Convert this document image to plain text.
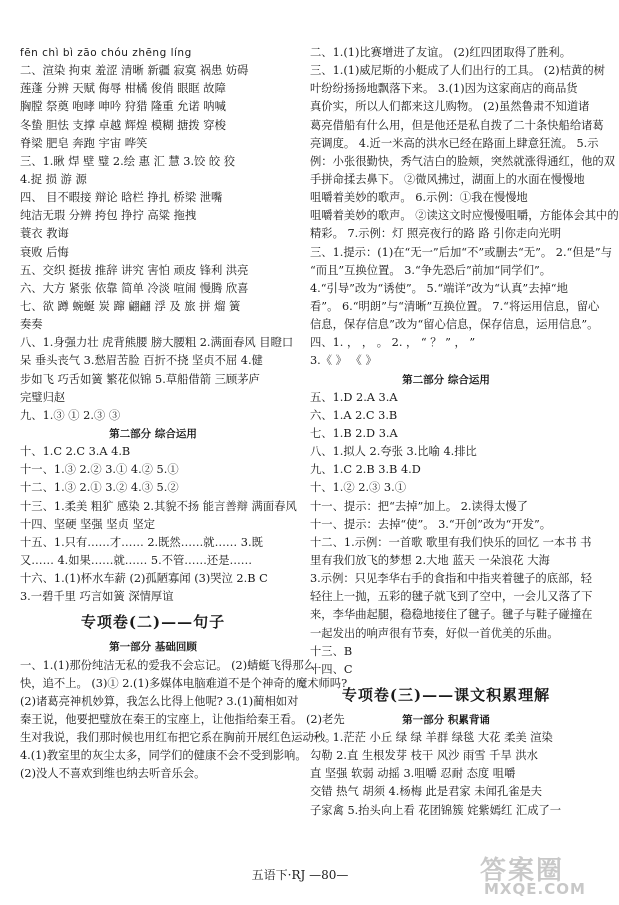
fēn chì bì zāo chóu zhēng líng
二、渲染 拘束 羞涩 清晰 新疆 寂寞 祸患 妨碍
莲蓬 分辨 天赋 侮辱 柑橘 俊俏 眼眶 故障
胸膛 祭奠 咆哮 呻吟 狩猎 隆重 允诺 呐喊
冬蛰 胆怯 支撑 卓越 辉煌 模糊 搪拨 穿梭
脊梁 肥皂 奔跑 宇宙 哗笑
三、1.瞅 焊 壁 璧 2.绘 惠 汇 慧 3.饺 皎 狡
4.捉 损 游 源
四、 目不暇接 辩论 晗栏 挣扎 桥梁 泄嘴
纯洁无瑕 分辨 挎包 挣拧 高粱 拖拽
蓑衣 教诲
衰败 后悔
五、交织 挺拔 推辞 讲究 害怕 顽皮 锋利 洪亮
六、大方 紧张 依靠 简单 冷淡 喧闹 慢腾 欣喜
七、欲 蹲 蜿蜒 炭 蹿 翩翩 浮 及 旅 拼 熘 簧
奏奏
八、1.身强力壮 虎背熊腰 膀大腰粗 2.满面春风 目瞪口
呆 垂头丧气 3.愁眉苦脸 百折不挠 坚贞不屈 4.健
步如飞 巧舌如簧 繁花似锦 5.草船借箭 三顾茅庐
完璧归赵
九、1.③ ① 2.③ ③
第二部分 综合运用
十、1.C 2.C 3.A 4.B
十一、1.③ 2.② 3.① 4.② 5.①
十二、1.③ 2.① 3.② 4.③ 5.②
十三、1.柔美 粗犷 感染 2.其貌不扬 能言善辩 满面春风
十四、坚硬 坚强 坚贞 坚定
十五、1.只有……才…… 2.既然……就…… 3.既
又…… 4.如果……就…… 5.不管……还是……
十六、1.(1)杯水车薪 (2)孤陋寡闻 (3)哭泣 2.B C
3.一碧千里 巧言如簧 深情厚谊
专项卷(二)——句子
第一部分 基础回顾
一、1.(1)那份纯洁无私的爱我不会忘记。 (2)蜻蜓飞得那么
快，追不上。 (3)① 2.(1)多媒体电脑难道不是个神奇的魔术师吗?
(2)诸葛亮神机妙算，我怎么比得上他呢? 3.(1)蔺相如对
秦王说，他要把璧放在秦王的宝座上，让他指给秦王看。 (2)老先
生对我说，我们那时候也用红布把它系在胸前开展红色运动秒。
4.(1)教室里的灰尘太多，同学们的健康不会不受到影响。
(2)没人不喜欢到维也纳去听音乐会。
二、1.(1)比赛增进了友谊。 (2)红四团取得了胜利。
三、1.(1)威尼斯的小艇成了人们出行的工具。 (2)桔黄的树
叶纷纷扬扬地飘落下来。 3.(1)因为这家商店的商品货
真价实，所以人们都来这儿购物。 (2)虽然鲁肃不知道诸
葛亮借船有什么用，但是他还是私自拨了二十条快船给诸葛
亮调度。 4.近一米高的洪水已经在路面上肆意狂流。 5.示
例：小张很勤快，秀气洁白的脸颊，突然就涨得通红，他的双
手拼命揉去鼻下。 ②微风拂过，湖面上的水面在慢慢地
咀嚼着美妙的歌声。 6.示例：①我在慢慢地
咀嚼着美妙的歌声。 ②读这文时应慢慢咀嚼，方能体会其中的
精彩。 7.示例：灯 照亮夜行的路 路 引你走向光明
三、1.提示：(1)在“无一”后加“不”或删去“无”。 2.“但是”与
“而且”互换位置。 3.“争先恐后”前加“同学们”。
4.“引导”改为“诱使”。 5.“端详”改为“认真”去掉“地
看”。 6.“明朗”与“清晰”互换位置。 7.“将运用信息，留心
信息，保存信息”改为“留心信息，保存信息，运用信息”。
四、1. ， ， 。 2. ， “ ？ ” ， ”
3.《 》 《 》
第二部分 综合运用
五、1.D 2.A 3.A
六、1.A 2.C 3.B
七、1.B 2.D 3.A
八、1.拟人 2.夸张 3.比喻 4.排比
九、1.C 2.B 3.B 4.D
十、1.② 2.③ 3.①
十一、提示：把“去掉”加上。 2.读得太慢了
十一、提示：去掉“使”。 3.“开创”改为“开发”。
十二、1.示例：一首歌 歌里有我们快乐的回忆 一本书 书
里有我们放飞的梦想 2.大地 蓝天 一朵浪花 大海
3.示例：只见李华右手的食指和中指夹着毽子的底部，轻
轻往上一抛，五彩的毽子就飞到了空中，一会儿又落了下
来，李华曲起腿，稳稳地接住了毽子。毽子与鞋子碰撞在
一起发出的响声很有节奏，好似一首优美的乐曲。
十三、B
十四、C
专项卷(三)——课文积累理解
第一部分 积累背诵
一、1.茫茫 小丘 绿 绿 羊群 绿毯 大花 柔美 渲染
勾勒 2.直 生根发芽 枝干 风沙 雨雪 千旱 洪水
直 坚强 软弱 动摇 3.咀嚼 忍耐 态度 咀嚼
交错 热气 胡须 4.杨梅 此是君家 未闻孔雀是夫
子家禽 5.抬头向上看 花团锦簇 姹紫嫣红 汇成了一
五语下·RJ —80—	答案圈
MXQE.COM
